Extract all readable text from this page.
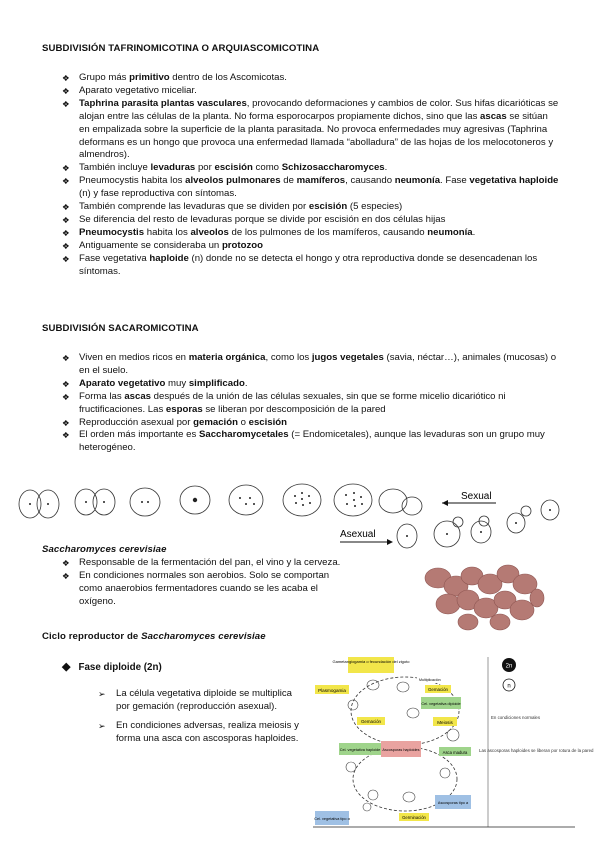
SUBDIVISIÓN TAFRINOMICOTINA O ARQUIASCOMICOTINA
❖ Grupo más primitivo dentro de los Ascomicotas.
❖ Aparato vegetativo miceliar.
❖ Taphrina parasita plantas vasculares, provocando deformaciones y cambios de color. Sus hifas dicarióticas se alojan entre las células de la planta. No forma esporocarpos propiamente dichos, sino que las ascas se sitúan en empalizada sobre la superficie de la planta parasitada. No provoca enfermedades muy agresivas (Taphrina deformans es un hongo que provoca una enfermedad llamada “abolladura” de las hojas de los melocotoneros y almendros).
❖ También incluye levaduras por escisión como Schizosaccharomyces.
❖ Pneumocystis habita los alveolos pulmonares de mamíferos, causando neumonía. Fase vegetativa haploide (n) y fase reproductiva con síntomas.
❖ También comprende las levaduras que se dividen por escisión (5 especies)
❖ Se diferencia del resto de levaduras porque se divide por escisión en dos células hijas
❖ Pneumocystis habita los alveolos de los pulmones de los mamíferos, causando neumonía.
❖ Antiguamente se consideraba un protozoo
❖ Fase vegetativa haploide (n) donde no se detecta el hongo y otra reproductiva donde se desencadenan los síntomas.
SUBDIVISIÓN SACAROMICOTINA
❖ Viven en medios ricos en materia orgánica, como los jugos vegetales (savia, néctar…), animales (mucosas) o en el suelo.
❖ Aparato vegetativo muy simplificado.
❖ Forma las ascas después de la unión de las células sexuales, sin que se forme micelio dicariótico ni fructificaciones. Las esporas se liberan por descomposición de la pared
❖ Reproducción asexual por gemación o escisión
❖ El orden más importante es Saccharomycetales (= Endomicetales), aunque las levaduras son un grupo muy heterogéneo.
Sexual
Asexual
Saccharomyces cerevisiae
❖ Responsable de la fermentación del pan, el vino y la cerveza.
❖ En condiciones normales son aerobios. Solo se comportan como anaerobios fermentadores cuando se les acaba el oxígeno.
Ciclo reproductor de Saccharomyces cerevisiae
◆ Fase diploide (2n)
➢ La célula vegetativa diploide se multiplica por gemación (reproducción asexual).
➢ En condiciones adversas, realiza meiosis y forma una asca con ascosporas haploides.
Gametangiogamia o fecundación del zigoto
Plasmogamia
Multiplicación
Gemación
Cel. vegetativa diploide
Gemación	Meiosis
Cel. vegetativa haploide Ascosporas haploides	Asca madura
Ascosporas tipo a
Cel. vegetativa tipo α	Germinación
2n
n
En condiciones normales
Las ascosporas haploides se liberan por rotura de la pared
